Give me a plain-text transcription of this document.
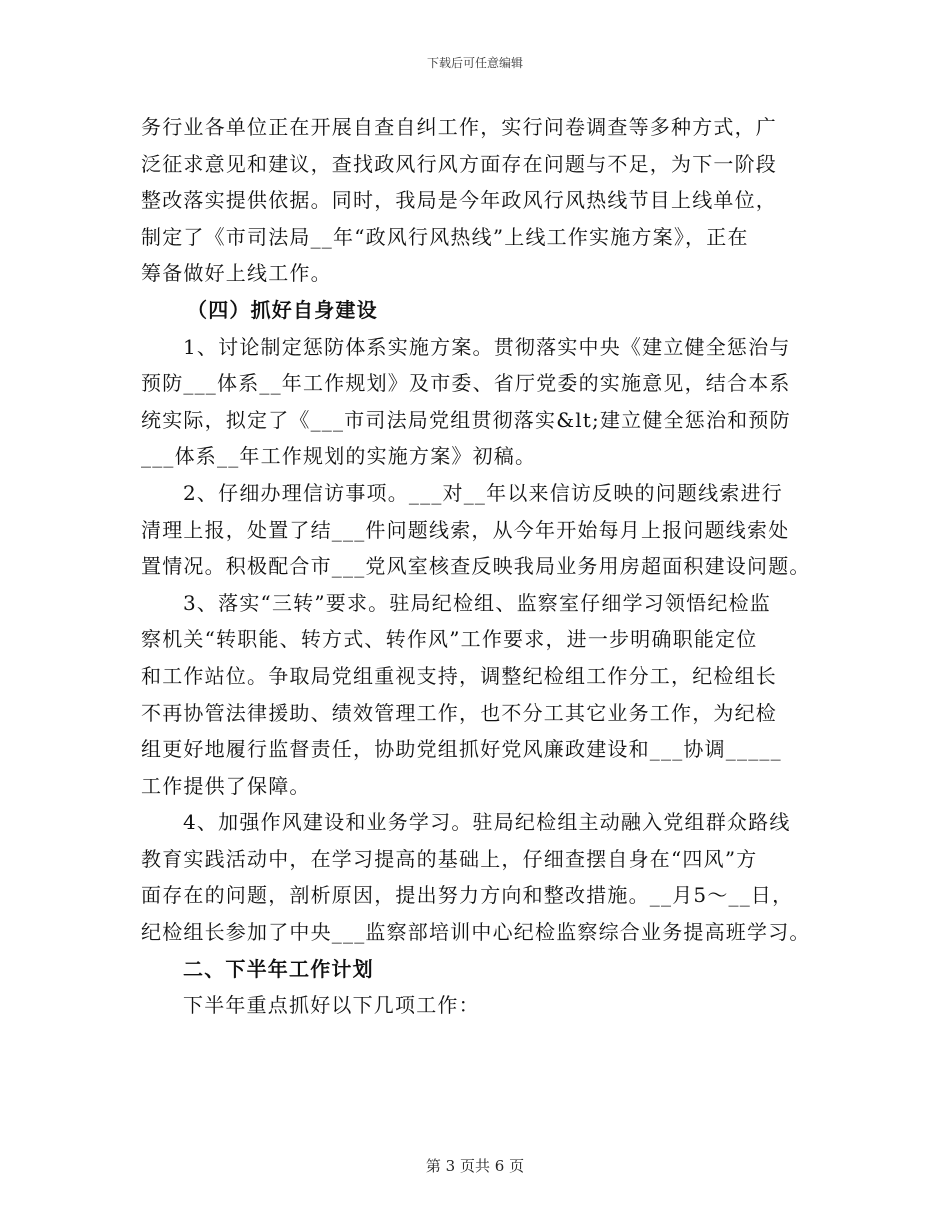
下载后可任意编辑
务行业各单位正在开展自查自纠工作，实行问卷调查等多种方式，广
泛征求意见和建议，查找政风行风方面存在问题与不足，为下一阶段
整改落实提供依据。同时，我局是今年政风行风热线节目上线单位，
制定了《市司法局__年“政风行风热线”上线工作实施方案》，正在
筹备做好上线工作。
（四）抓好自身建设
1、讨论制定惩防体系实施方案。贯彻落实中央《建立健全惩治与
预防___体系__年工作规划》及市委、省厅党委的实施意见，结合本系
统实际，拟定了《___市司法局党组贯彻落实&lt;建立健全惩治和预防
___体系__年工作规划的实施方案》初稿。
2、仔细办理信访事项。___对__年以来信访反映的问题线索进行
清理上报，处置了结___件问题线索，从今年开始每月上报问题线索处
置情况。积极配合市___党风室核查反映我局业务用房超面积建设问题。
3、落实“三转”要求。驻局纪检组、监察室仔细学习领悟纪检监
察机关“转职能、转方式、转作风”工作要求，进一步明确职能定位
和工作站位。争取局党组重视支持，调整纪检组工作分工，纪检组长
不再协管法律援助、绩效管理工作，也不分工其它业务工作，为纪检
组更好地履行监督责任，协助党组抓好党风廉政建设和___协调_____
工作提供了保障。
4、加强作风建设和业务学习。驻局纪检组主动融入党组群众路线
教育实践活动中，在学习提高的基础上，仔细查摆自身在“四风”方
面存在的问题，剖析原因，提出努力方向和整改措施。__月5～__日，
纪检组长参加了中央___监察部培训中心纪检监察综合业务提高班学习。
二、下半年工作计划
下半年重点抓好以下几项工作：
第 3 页共 6 页
